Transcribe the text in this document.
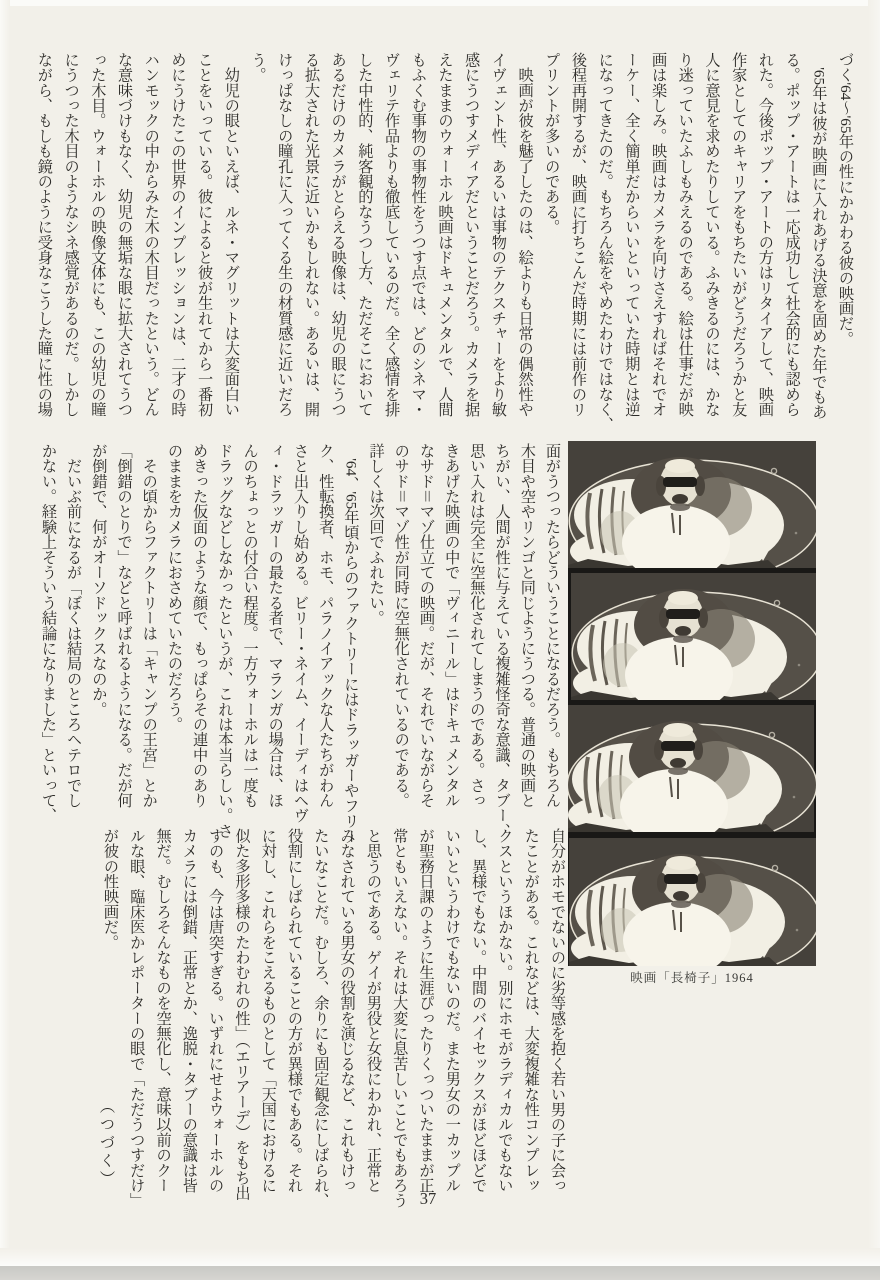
づく'64～'65年の性にかかわる彼の映画だ。
　'65年は彼が映画に入れあげる決意を固めた年でもあ
る。ポップ・アートは一応成功して社会的にも認めら
れた。今後ポップ・アートの方はリタイアして、映画
作家としてのキャリアをもちたいがどうだろうかと友
人に意見を求めたりしている。ふみきるのには、かな
り迷っていたふしもみえるのである。絵は仕事だが映
画は楽しみ。映画はカメラを向けさえすればそれでオ
ーケー、全く簡単だからいいといっていた時期とは逆
になってきたのだ。もちろん絵をやめたわけではなく、
後程再開するが、映画に打ちこんだ時期には前作のリ
プリントが多いのである。
　映画が彼を魅了したのは、絵よりも日常の偶然性や
イヴェント性、あるいは事物のテクスチャーをより敏
感にうつすメディアだということだろう。カメラを据
えたままのウォーホル映画はドキュメンタルで、人間
もふくむ事物の事物性をうつす点では、どのシネマ・
ヴェリテ作品よりも徹底しているのだ。全く感情を排
した中性的、純客観的なうつし方、ただそこにおいて
あるだけのカメラがとらえる映像は、幼児の眼にうつ
る拡大された光景に近いかもしれない。あるいは、開
けっぱなしの瞳孔に入ってくる生の材質感に近いだろ
う。
　幼児の眼といえば、ルネ・マグリットは大変面白い
ことをいっている。彼によると彼が生れてから一番初
めにうけたこの世界のインプレッションは、二才の時
ハンモックの中からみた木の木目だったという。どん
な意味づけもなく、幼児の無垢な眼に拡大されてうつ
った木目。ウォーホルの映像文体にも、この幼児の瞳
にうつった木目のようなシネ感覚があるのだ。しかし
ながら、もしも鏡のように受身なこうした瞳に性の場
面がうつったらどういうことになるだろう。もちろん
木目や空やリンゴと同じようにうつる。普通の映画と
ちがい、人間が性に与えている複雑怪奇な意識、タブー、
思い入れは完全に空無化されてしまうのである。さっ
きあげた映画の中で「ヴィニール」はドキュメンタル
なサド＝マゾ仕立ての映画。だが、それでいながらそ
のサド＝マゾ性が同時に空無化されているのである。
詳しくは次回でふれたい。
　'64、'65年頃からのファクトリーにはドラッガーやフリー
ク、性転換者、ホモ、パラノイアックな人たちがわん
さと出入りし始める。ビリー・ネイム、イーディはヘヴ
ィ・ドラッガーの最たる者で、マランガの場合は、ほ
んのちょっとの付合い程度。一方ウォーホルは一度も
ドラッグなどしなかったというが、これは本当らしい。さ
めきった仮面のような顔で、もっぱらその連中のあり
のままをカメラにおさめていたのだろう。
　その頃からファクトリーは「キャンプの王宮」とか
「倒錯のとりで」などと呼ばれるようになる。だが何
が倒錯で、何がオーソドックスなのか。
　だいぶ前になるが「ぼくは結局のところヘテロでし
かない。経験上そういう結論になりました」といって、
自分がホモでないのに劣等感を抱く若い男の子に会っ
たことがある。これなどは、大変複雑な性コンプレッ
クスというほかない。別にホモがラディカルでもない
し、異様でもない。中間のバイセックスがほどほどで
いいというわけでもないのだ。また男女の一カップル
が聖務日課のように生涯ぴったりくっついたままが正
常ともいえない。それは大変に息苦しいことでもあろう
と思うのである。ゲイが男役と女役にわかれ、正常と
みなされている男女の役割を演じるなど、これもけっ
たいなことだ。むしろ、余りにも固定観念にしばられ、
役割にしばられていることの方が異様でもある。それ
に対し、これらをこえるものとして「天国におけるに
似た多形多様のたわむれの性」（エリアーデ）をもち出
すのも、今は唐突すぎる。いずれにせよウォーホルの
カメラには倒錯、正常とか、逸脱・タブーの意識は皆
無だ。むしろそんなものを空無化し、意味以前のクー
ルな眼、臨床医かレポーターの眼で「ただうつすだけ」
が彼の性映画だ。
（つづく）
映画「長椅子」1964
37
